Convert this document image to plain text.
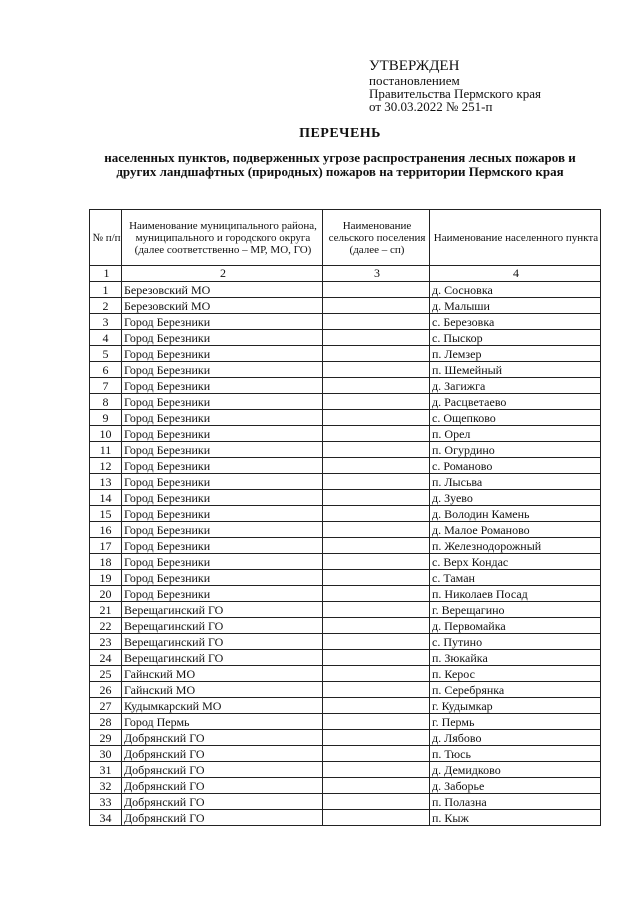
УТВЕРЖДЕН
постановлением
Правительства Пермского края
от 30.03.2022 № 251-п
ПЕРЕЧЕНЬ
населенных пунктов, подверженных угрозе распространения лесных пожаров и других ландшафтных (природных) пожаров на территории Пермского края
№ п/п	Наименование муниципального района, муниципального и городского округа (далее соответственно – МР, МО, ГО)	Наименование сельского поселения (далее – сп)	Наименование населенного пункта
1	2	3	4
1	Березовский МО		д. Сосновка
2	Березовский МО		д. Малыши
3	Город Березники		с. Березовка
4	Город Березники		с. Пыскор
5	Город Березники		п. Лемзер
6	Город Березники		п. Шемейный
7	Город Березники		д. Загижга
8	Город Березники		д. Расцветаево
9	Город Березники		с. Ощепково
10	Город Березники		п. Орел
11	Город Березники		п. Огурдино
12	Город Березники		с. Романово
13	Город Березники		п. Лысьва
14	Город Березники		д. Зуево
15	Город Березники		д. Володин Камень
16	Город Березники		д. Малое Романово
17	Город Березники		п. Железнодорожный
18	Город Березники		с. Верх Кондас
19	Город Березники		с. Таман
20	Город Березники		п. Николаев Посад
21	Верещагинский ГО		г. Верещагино
22	Верещагинский ГО		д. Первомайка
23	Верещагинский ГО		с. Путино
24	Верещагинский ГО		п. Зюкайка
25	Гайнский МО		п. Керос
26	Гайнский МО		п. Серебрянка
27	Кудымкарский МО		г. Кудымкар
28	Город Пермь		г. Пермь
29	Добрянский ГО		д. Лябово
30	Добрянский ГО		п. Тюсь
31	Добрянский ГО		д. Демидково
32	Добрянский ГО		д. Заборье
33	Добрянский ГО		п. Полазна
34	Добрянский ГО		п. Кыж
